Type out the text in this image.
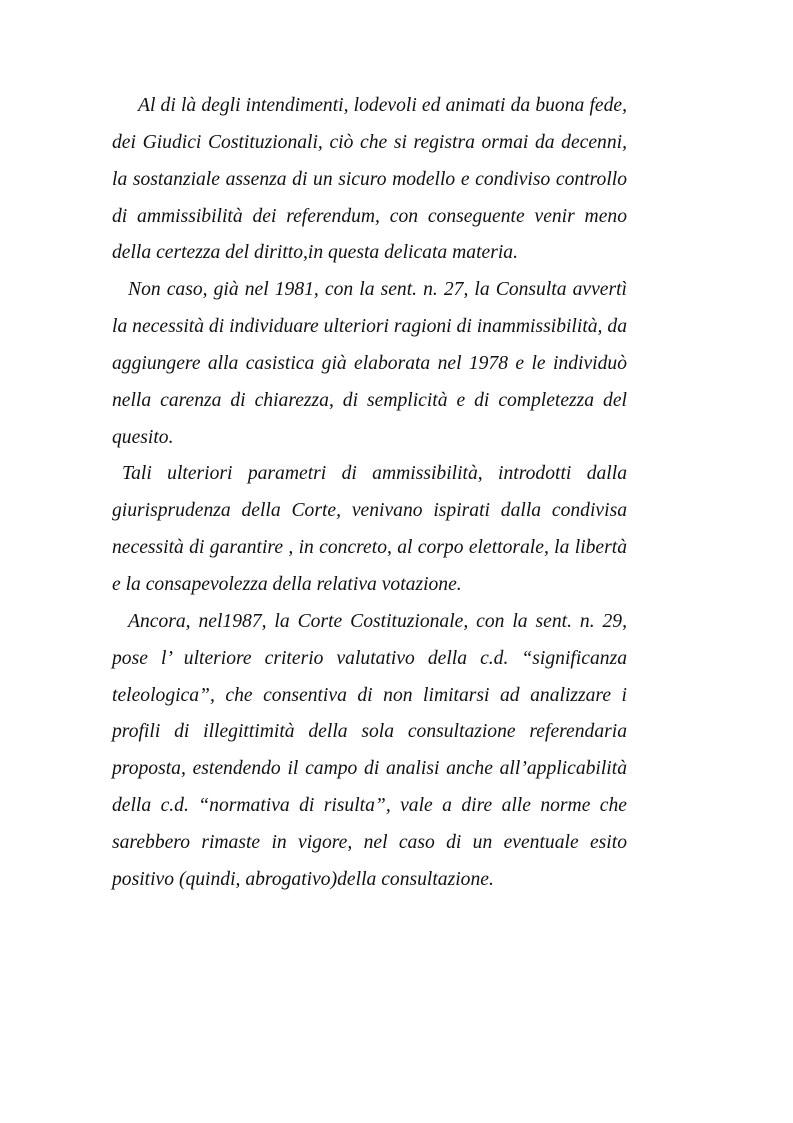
Al di là degli intendimenti, lodevoli ed animati da buona fede, dei Giudici Costituzionali, ciò che si registra ormai da decenni, la sostanziale assenza di un sicuro modello e condiviso controllo di ammissibilità dei referendum, con conseguente venir meno della certezza del diritto,in questa delicata materia.

Non caso, già nel 1981, con la sent. n. 27, la Consulta avvertì la necessità di individuare ulteriori ragioni di inammissibilità, da aggiungere alla casistica già elaborata nel 1978 e le individuò nella carenza di chiarezza, di semplicità e di completezza del quesito.

Tali ulteriori parametri di ammissibilità, introdotti dalla giurisprudenza della Corte, venivano ispirati dalla condivisa necessità di garantire , in concreto, al corpo elettorale, la libertà e la consapevolezza della relativa votazione.

Ancora, nel1987, la Corte Costituzionale, con la sent. n. 29, pose l’ ulteriore criterio valutativo della c.d. “significanza teleologica”, che consentiva di non limitarsi ad analizzare i profili di illegittimità della sola consultazione referendaria proposta, estendendo il campo di analisi anche all’applicabilità della c.d. “normativa di risulta”, vale a dire alle norme che sarebbero rimaste in vigore, nel caso di un eventuale esito positivo (quindi, abrogativo)della consultazione.
